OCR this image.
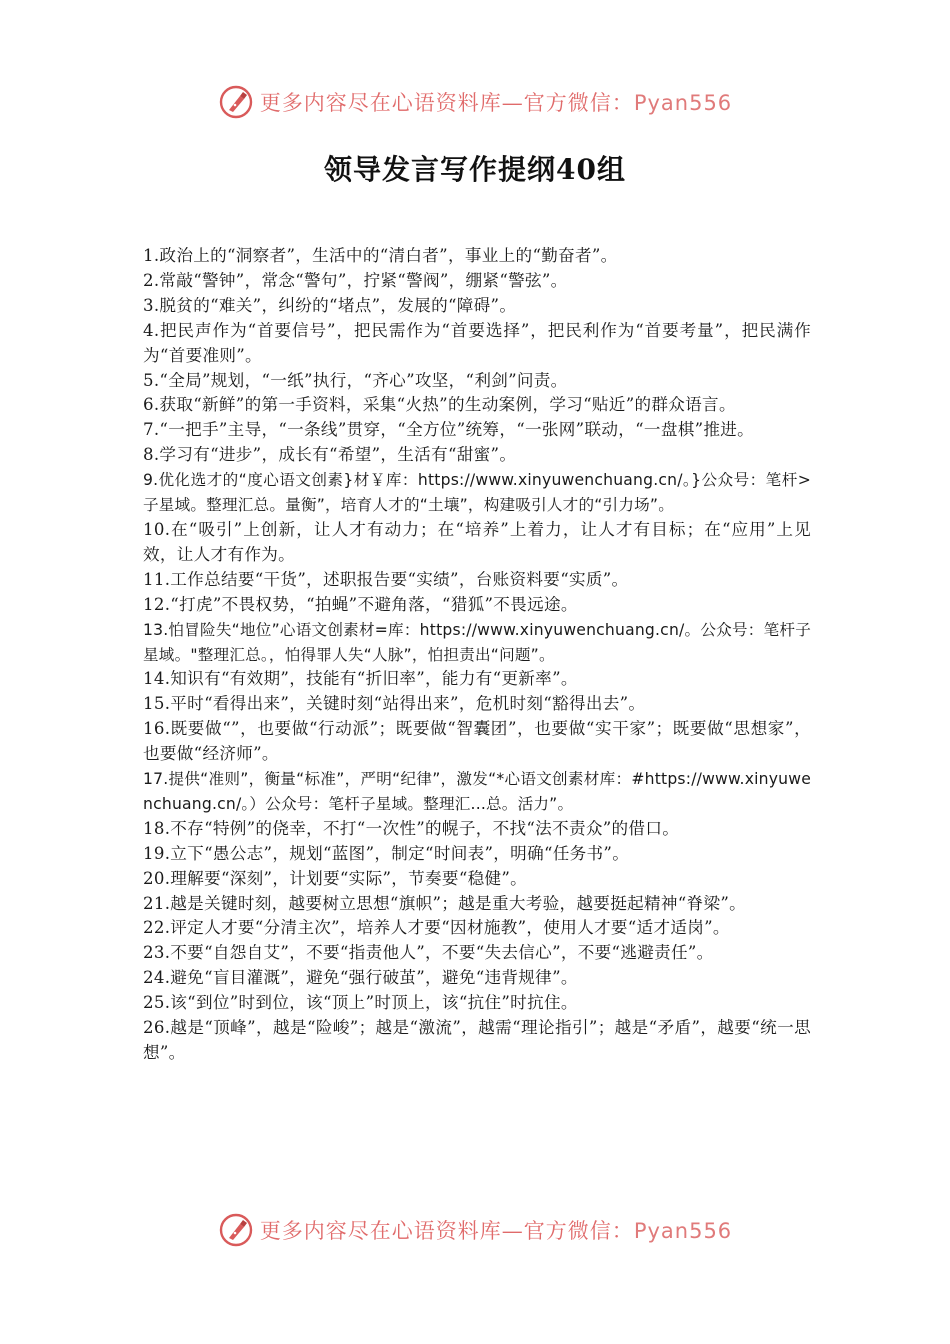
更多内容尽在心语资料库—官方微信：Pyan556
领导发言写作提纲40组
1.政治上的“洞察者”，生活中的“清白者”，事业上的“勤奋者”。
2.常敲“警钟”，常念“警句”，拧紧“警阀”，绷紧“警弦”。
3.脱贫的“难关”，纠纷的“堵点”，发展的“障碍”。
4.把民声作为“首要信号”，把民需作为“首要选择”，把民利作为“首要考量”，把民满作为“首要准则”。
5.“全局”规划，“一纸”执行，“齐心”攻坚，“利剑”问责。
6.获取“新鲜”的第一手资料，采集“火热”的生动案例，学习“贴近”的群众语言。
7.“一把手”主导，“一条线”贯穿，“全方位”统筹，“一张网”联动，“一盘棋”推进。
8.学习有“进步”，成长有“希望”，生活有“甜蜜”。
9.优化选才的“度心语文创素}材￥库：https://www.xinyuwenchuang.cn/。}公众号：笔杆>子星域。整理汇总。量衡”，培育人才的“土壤”，构建吸引人才的“引力场”。
10.在“吸引”上创新，让人才有动力；在“培养”上着力，让人才有目标；在“应用”上见效，让人才有作为。
11.工作总结要“干货”，述职报告要“实绩”，台账资料要“实质”。
12.“打虎”不畏权势，“拍蝇”不避角落，“猎狐”不畏远途。
13.怕冒险失“地位”心语文创素材=库：https://www.xinyuwenchuang.cn/。公众号：笔杆子星域。"整理汇总。，怕得罪人失“人脉”，怕担责出“问题”。
14.知识有“有效期”，技能有“折旧率”，能力有“更新率”。
15.平时“看得出来”，关键时刻“站得出来”，危机时刻“豁得出去”。
16.既要做“”，也要做“行动派”；既要做“智囊团”，也要做“实干家”；既要做“思想家”，也要做“经济师”。
17.提供“准则”，衡量“标准”，严明“纪律”，激发“*心语文创素材库：#https://www.xinyuwenchuang.cn/。）公众号：笔杆子星域。整理汇...总。活力”。
18.不存“特例”的侥幸，不打“一次性”的幌子，不找“法不责众”的借口。
19.立下“愚公志”，规划“蓝图”，制定“时间表”，明确“任务书”。
20.理解要“深刻”，计划要“实际”，节奏要“稳健”。
21.越是关键时刻，越要树立思想“旗帜”；越是重大考验，越要挺起精神“脊梁”。
22.评定人才要“分清主次”，培养人才要“因材施教”，使用人才要“适才适岗”。
23.不要“自怨自艾”，不要“指责他人”，不要“失去信心”，不要“逃避责任”。
24.避免“盲目灌溉”，避免“强行破茧”，避免“违背规律”。
25.该“到位”时到位，该“顶上”时顶上，该“抗住”时抗住。
26.越是“顶峰”，越是“险峻”；越是“激流”，越需“理论指引”；越是“矛盾”，越要“统一思想”。
更多内容尽在心语资料库—官方微信：Pyan556
